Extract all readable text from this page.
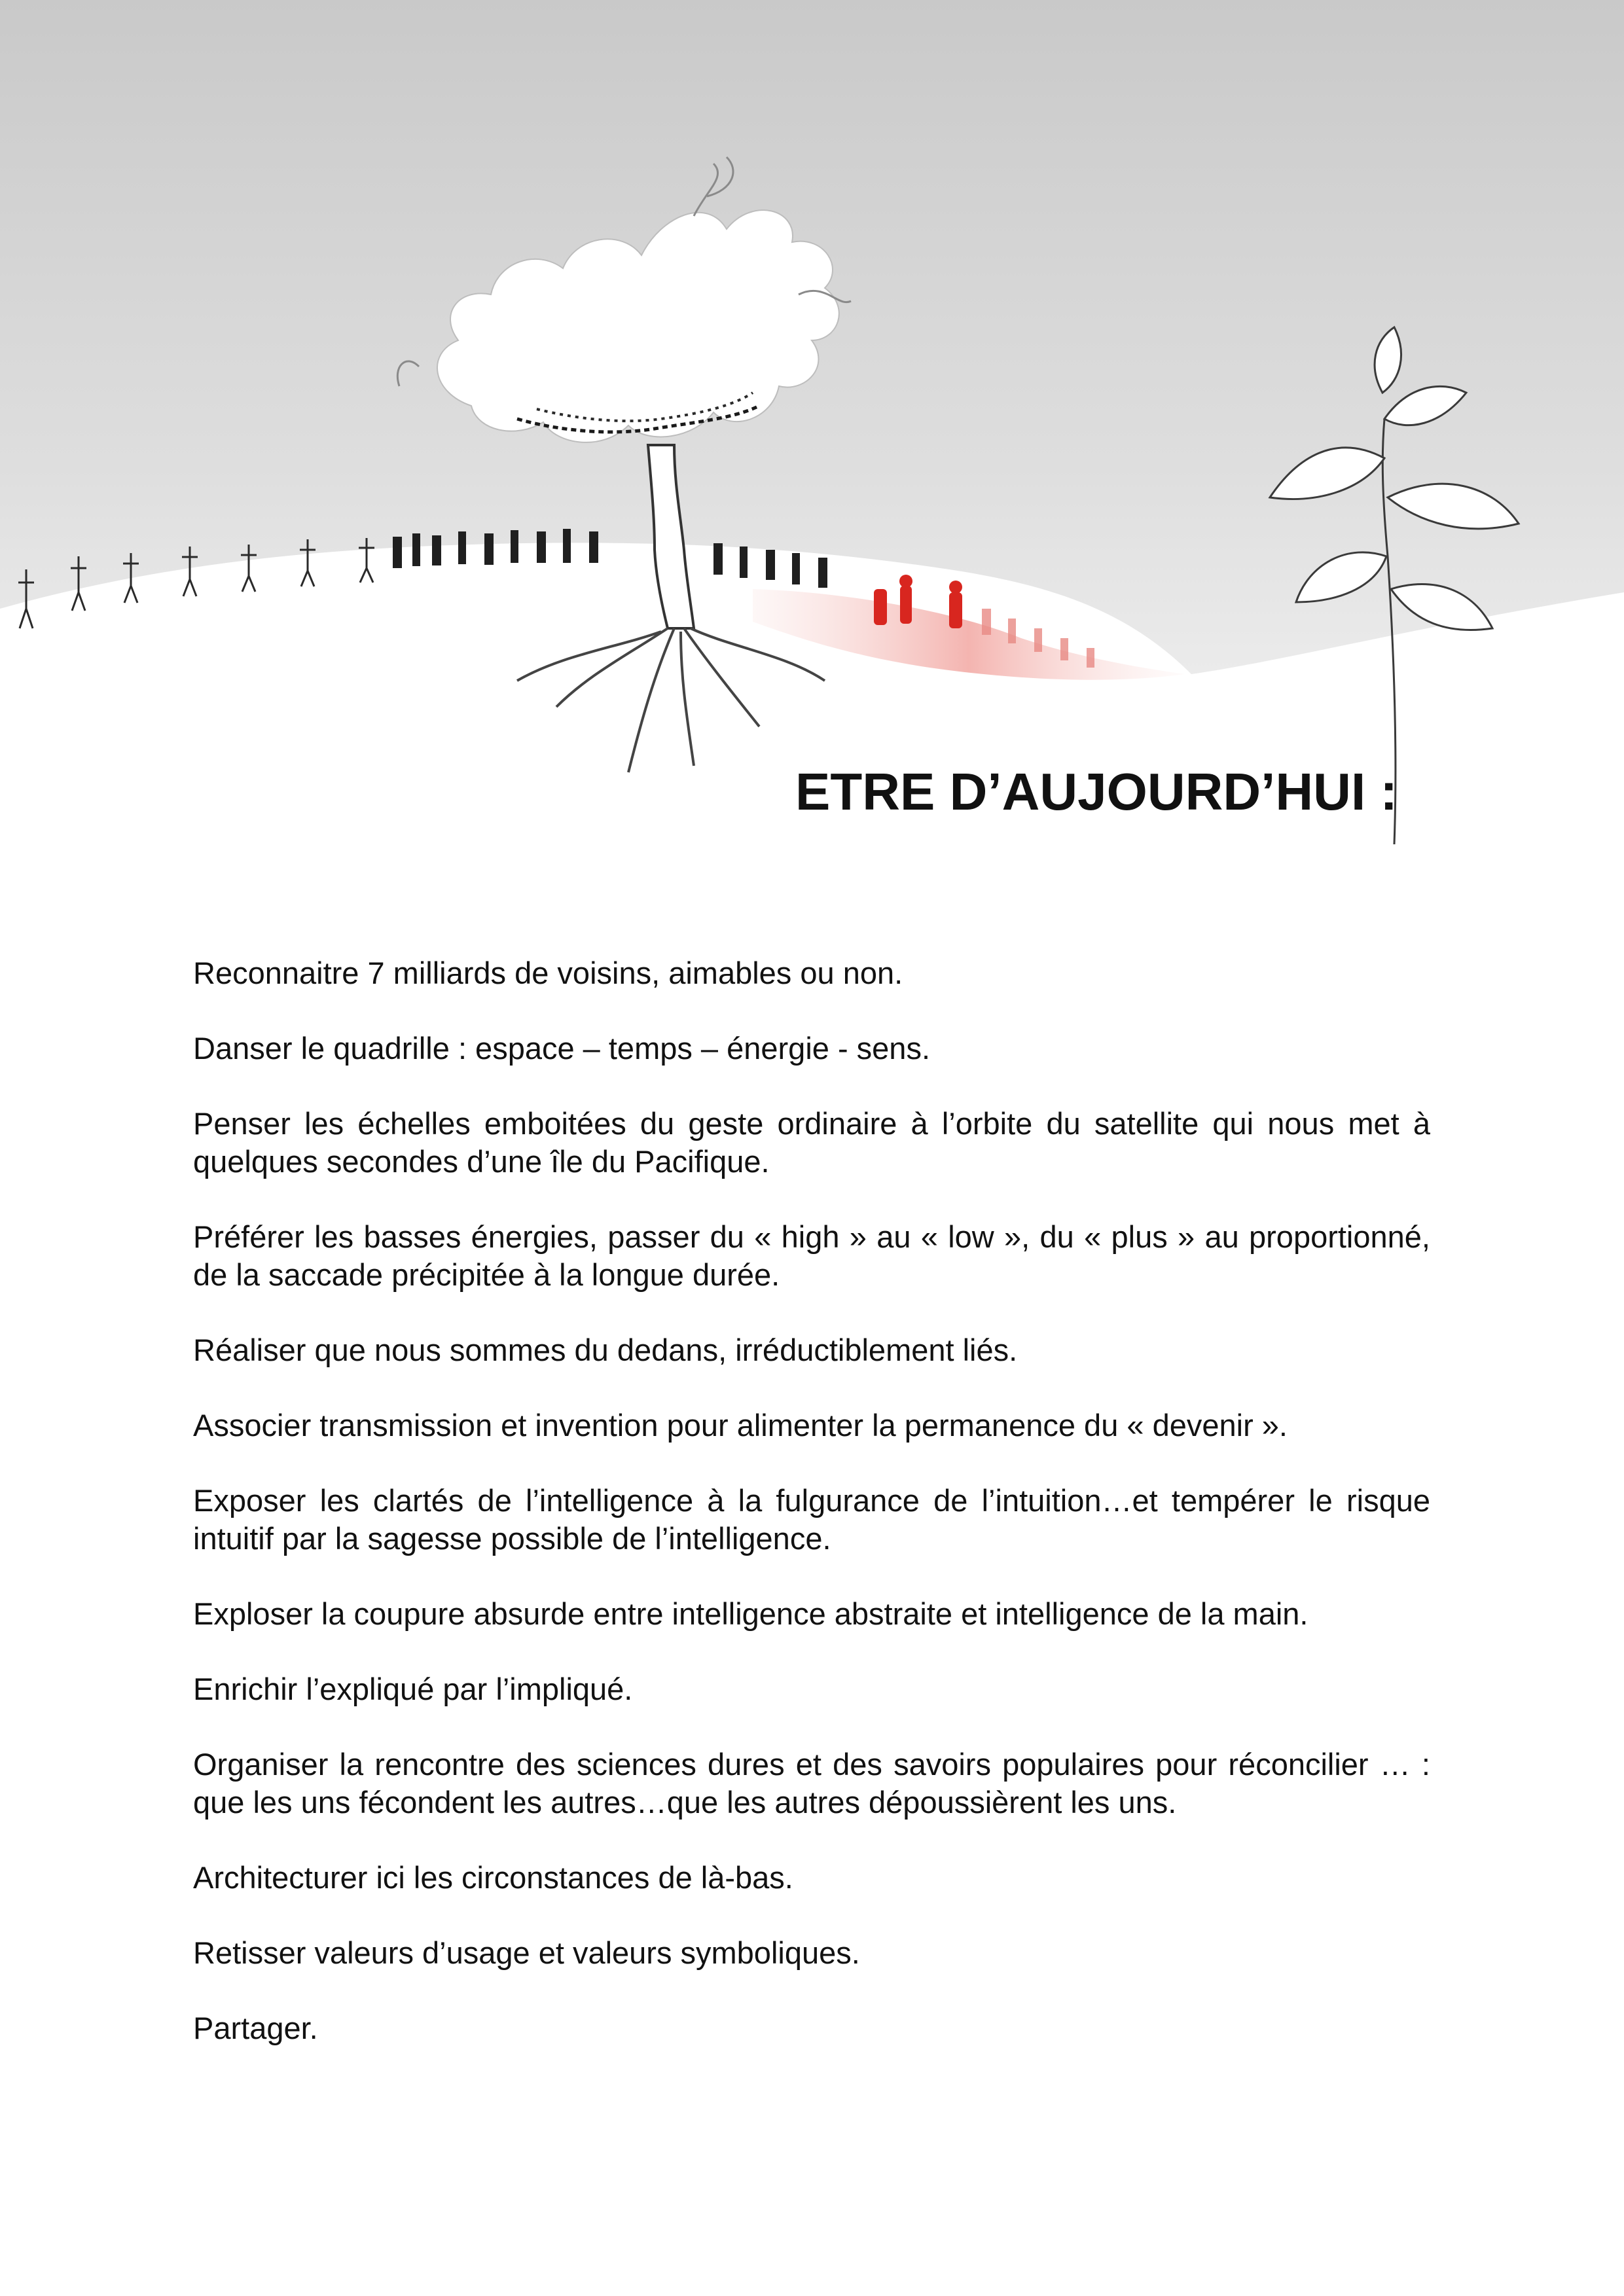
ETRE D’AUJOURD’HUI :

Reconnaitre 7 milliards de voisins, aimables ou non.

Danser le quadrille : espace – temps – énergie - sens.

Penser les échelles emboitées du geste ordinaire à l’orbite du satellite qui nous met à quelques secondes d’une île du Pacifique.

Préférer les basses énergies, passer du « high » au « low », du « plus » au proportionné, de la saccade précipitée à la longue durée.

Réaliser que nous sommes du dedans, irréductiblement liés.

Associer transmission et invention pour alimenter la permanence du « devenir ».

Exposer les clartés de l’intelligence à la fulgurance de l’intuition…et tempérer le risque intuitif par la sagesse possible de l’intelligence.

Exploser la coupure absurde entre intelligence abstraite et intelligence de la main.

Enrichir l’expliqué par l’impliqué.

Organiser la rencontre des sciences dures et des savoirs populaires pour réconcilier … : que les uns fécondent les autres…que les autres dépoussièrent les uns.

Architecturer ici les circonstances de là-bas.

Retisser valeurs d’usage et valeurs symboliques.

Partager.
